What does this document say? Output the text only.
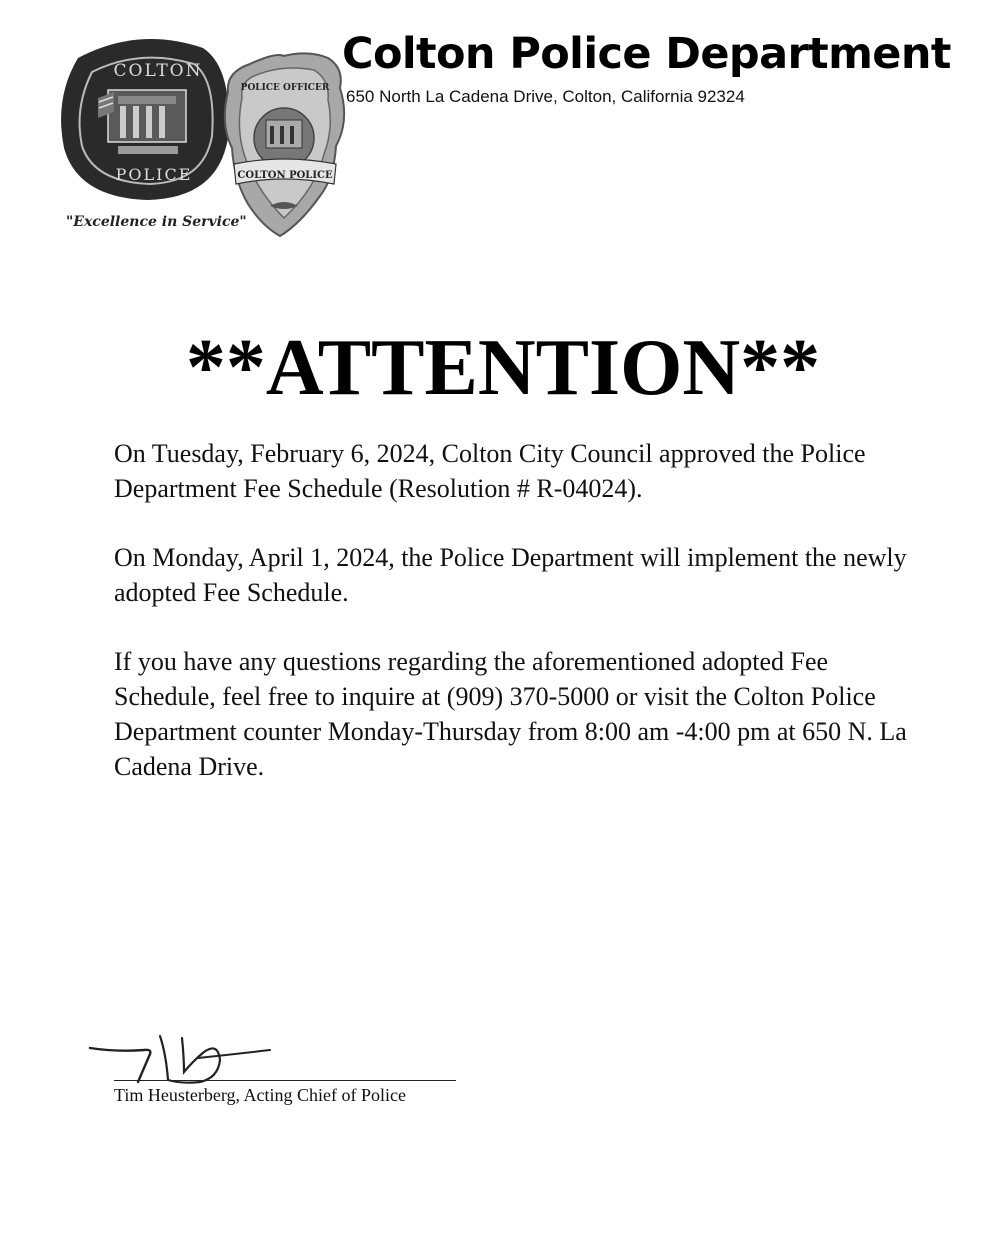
COLTON
POLICE	COLTON POLICE
POLICE OFFICER
"Excellence in Service"
Colton Police Department
650 North La Cadena Drive, Colton, California 92324
**ATTENTION**

On Tuesday, February 6, 2024, Colton City Council approved the Police Department Fee Schedule (Resolution # R-04024).

On Monday, April 1, 2024, the Police Department will implement the newly adopted Fee Schedule.

If you have any questions regarding the aforementioned adopted Fee Schedule, feel free to inquire at (909) 370-5000 or visit the Colton Police Department counter Monday-Thursday from 8:00 am -4:00 pm at 650 N. La Cadena Drive.

Tim Heusterberg, Acting Chief of Police
